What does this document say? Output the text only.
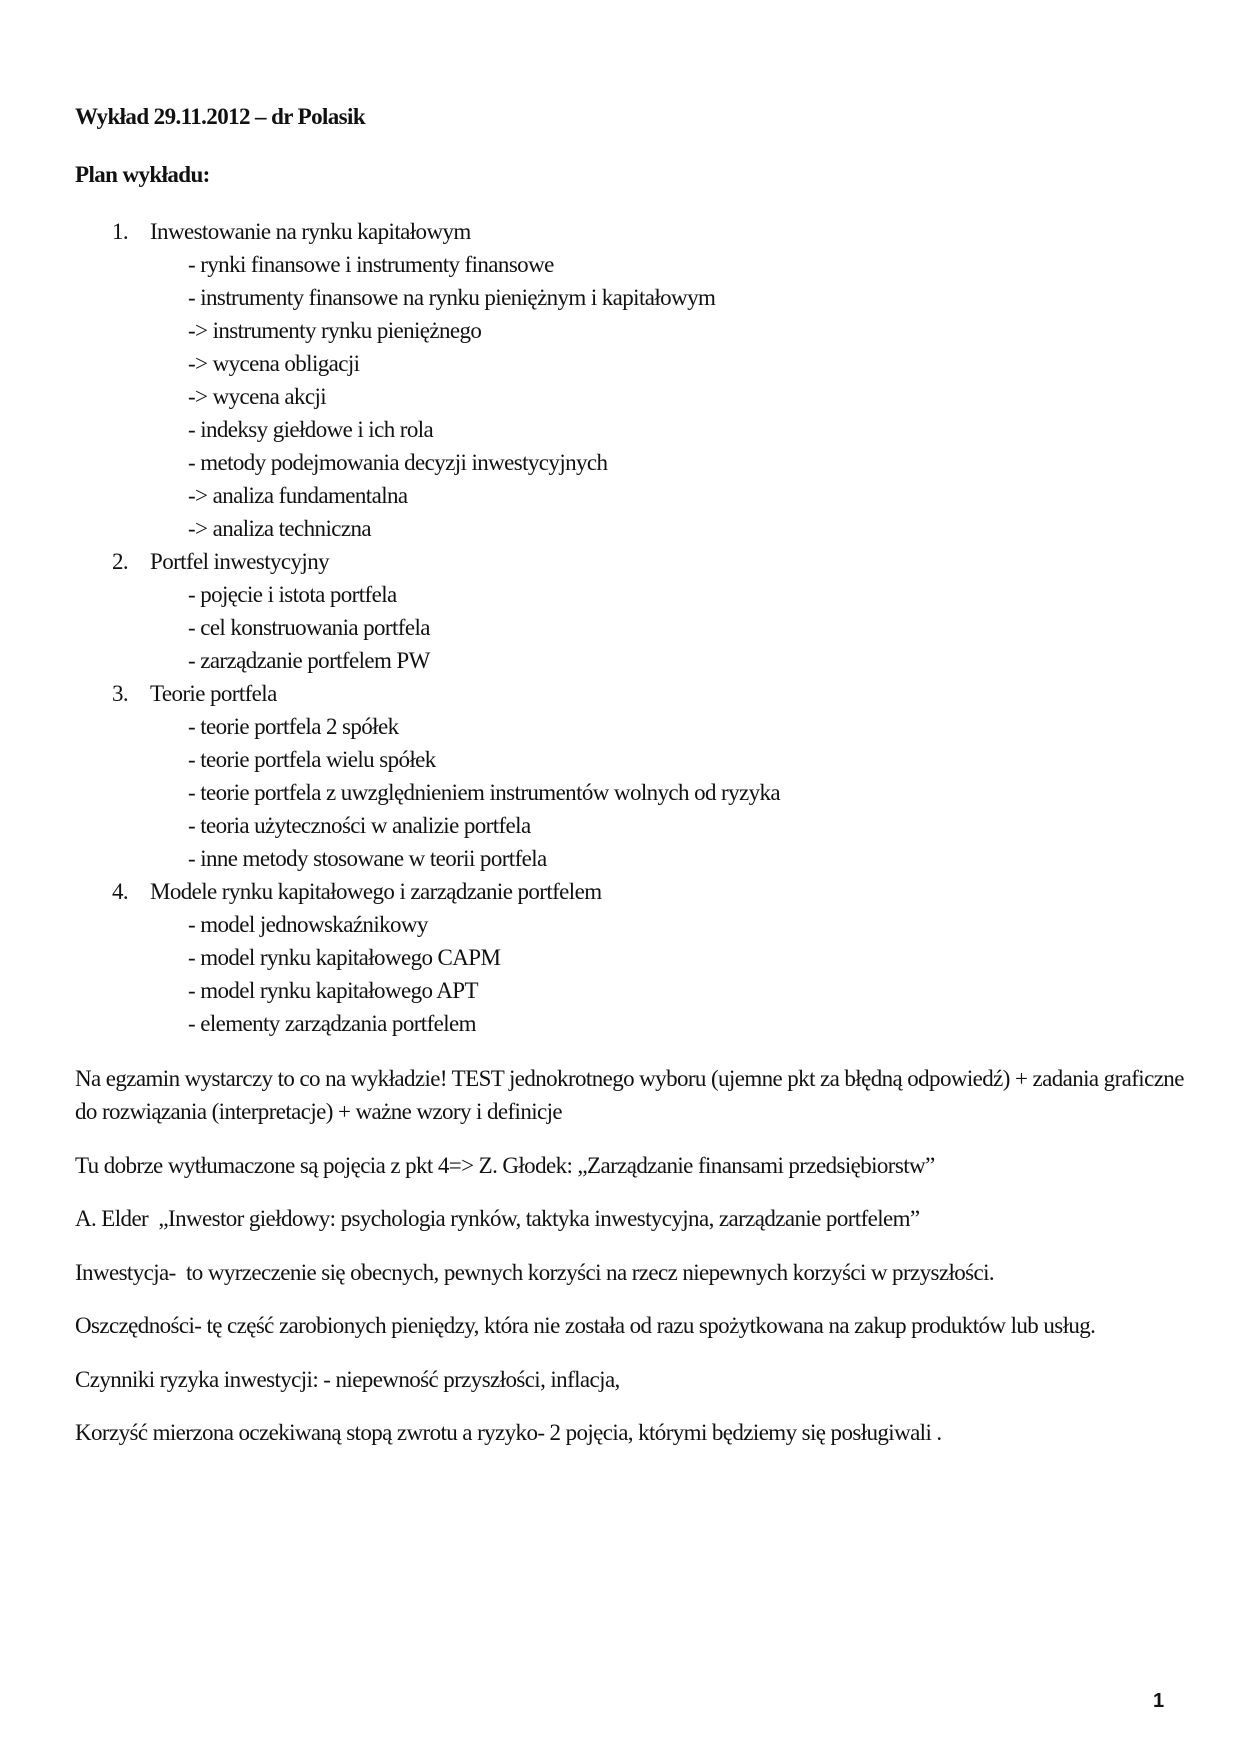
Wykład 29.11.2012 – dr Polasik
Plan wykładu:
1. Inwestowanie na rynku kapitałowym
- rynki finansowe i instrumenty finansowe
- instrumenty finansowe na rynku pieniężnym i kapitałowym
-> instrumenty rynku pieniężnego
-> wycena obligacji
-> wycena akcji
- indeksy giełdowe i ich rola
- metody podejmowania decyzji inwestycyjnych
-> analiza fundamentalna
-> analiza techniczna
2. Portfel inwestycyjny
- pojęcie i istota portfela
- cel konstruowania portfela
- zarządzanie portfelem PW
3. Teorie portfela
- teorie portfela 2 spółek
- teorie portfela wielu spółek
- teorie portfela z uwzględnieniem instrumentów wolnych od ryzyka
- teoria użyteczności w analizie portfela
- inne metody stosowane w teorii portfela
4. Modele rynku kapitałowego i zarządzanie portfelem
- model jednowskaźnikowy
- model rynku kapitałowego CAPM
- model rynku kapitałowego APT
- elementy zarządzania portfelem

Na egzamin wystarczy to co na wykładzie! TEST jednokrotnego wyboru (ujemne pkt za błędną odpowiedź) + zadania graficzne do rozwiązania (interpretacje) + ważne wzory i definicje

Tu dobrze wytłumaczone są pojęcia z pkt 4=> Z. Głodek: „Zarządzanie finansami przedsiębiorstw”

A. Elder  „Inwestor giełdowy: psychologia rynków, taktyka inwestycyjna, zarządzanie portfelem”

Inwestycja-  to wyrzeczenie się obecnych, pewnych korzyści na rzecz niepewnych korzyści w przyszłości.

Oszczędności- tę część zarobionych pieniędzy, która nie została od razu spożytkowana na zakup produktów lub usług.

Czynniki ryzyka inwestycji: - niepewność przyszłości, inflacja,

Korzyść mierzona oczekiwaną stopą zwrotu a ryzyko- 2 pojęcia, którymi będziemy się posługiwali .

1
